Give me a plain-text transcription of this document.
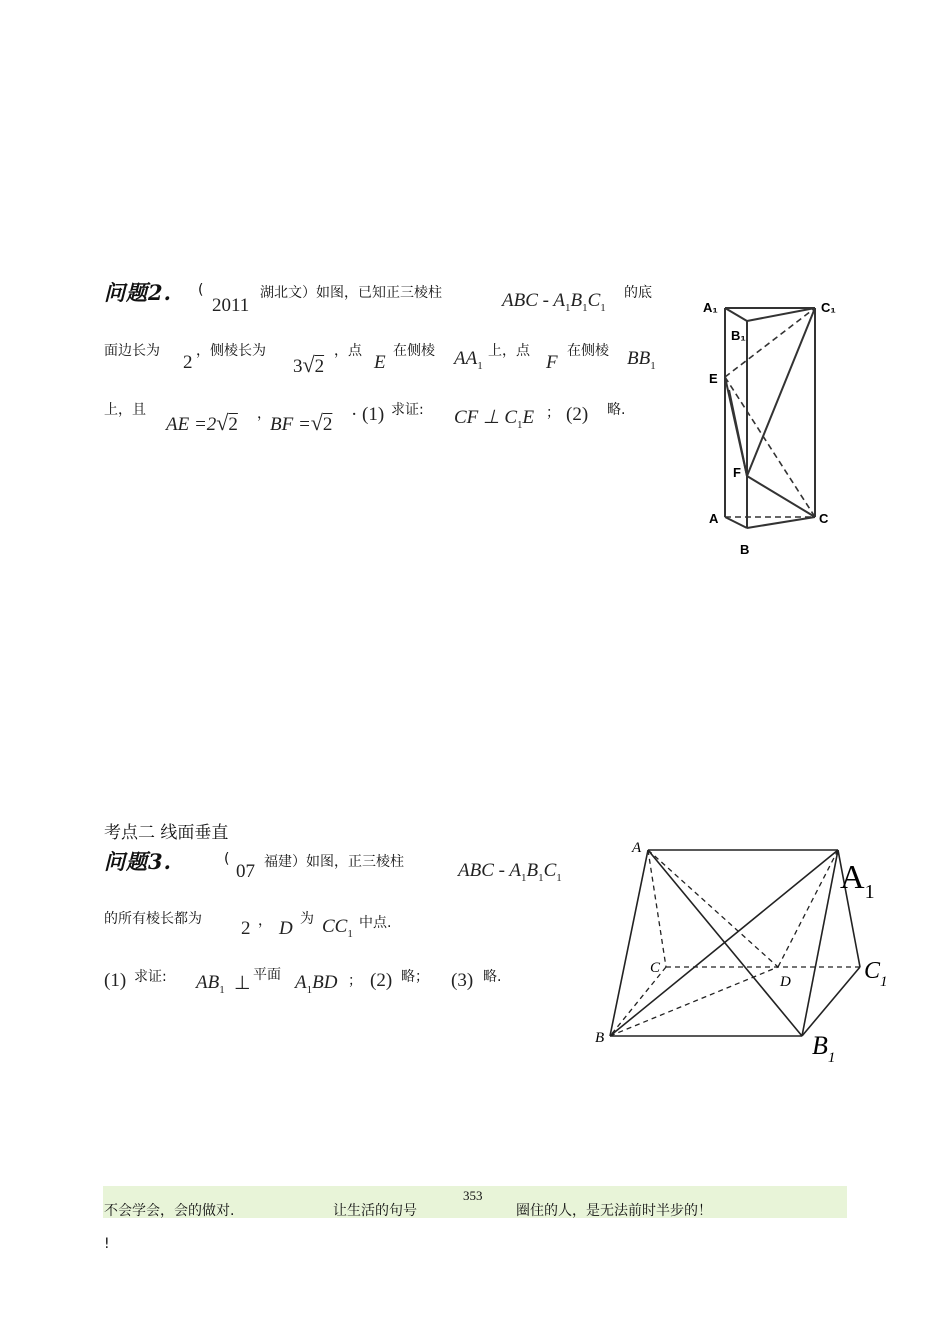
问题2. (
2011
湖北文）如图，已知正三棱柱	ABC - $A_1B_1C_1$
的底
面边长为
2
，侧棱长为
3√2
，点
E
在侧棱 $AA_1$
上，点
F
在侧棱 $BB_1$
上，且
AE =2√2 ， BF =√2 · (1) 求证: CF ⊥ $C_1E$ ； (2) 略.
A₁	C₁
B₁
E
F
A	C
B
考点二 线面垂直
问题3.	(
07 福建）如图，正三棱柱	ABC - $A_1B_1C_1$
的所有棱长都为 2 ， D 为 $CC_1$
中点.
(1) 求证: $AB_1$ ⊥ 平面 $A_1BD$ ； (2) 略； (3) 略.
A
$A_1$
C
D	$C_1$
B	$B_1$
不会学会，会的做对.	让生活的句号
353
圈住的人，是无法前时半步的！
!
